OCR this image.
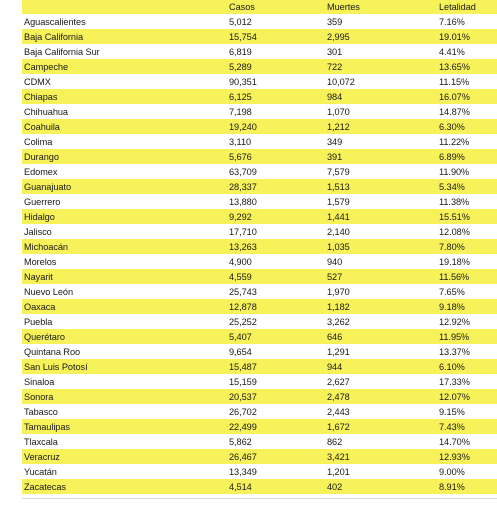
	Casos	Muertes	Letalidad
Aguascalientes	5,012	359	7.16%
Baja California	15,754	2,995	19.01%
Baja California Sur	6,819	301	4.41%
Campeche	5,289	722	13.65%
CDMX	90,351	10,072	11.15%
Chiapas	6,125	984	16.07%
Chihuahua	7,198	1,070	14.87%
Coahuila	19,240	1,212	6.30%
Colima	3,110	349	11.22%
Durango	5,676	391	6.89%
Edomex	63,709	7,579	11.90%
Guanajuato	28,337	1,513	5.34%
Guerrero	13,880	1,579	11.38%
Hidalgo	9,292	1,441	15.51%
Jalisco	17,710	2,140	12.08%
Michoacán	13,263	1,035	7.80%
Morelos	4,900	940	19.18%
Nayarit	4,559	527	11.56%
Nuevo León	25,743	1,970	7.65%
Oaxaca	12,878	1,182	9.18%
Puebla	25,252	3,262	12.92%
Querétaro	5,407	646	11.95%
Quintana Roo	9,654	1,291	13.37%
San Luis Potosí	15,487	944	6.10%
Sinaloa	15,159	2,627	17.33%
Sonora	20,537	2,478	12.07%
Tabasco	26,702	2,443	9.15%
Tamaulipas	22,499	1,672	7.43%
Tlaxcala	5,862	862	14.70%
Veracruz	26,467	3,421	12.93%
Yucatán	13,349	1,201	9.00%
Zacatecas	4,514	402	8.91%
